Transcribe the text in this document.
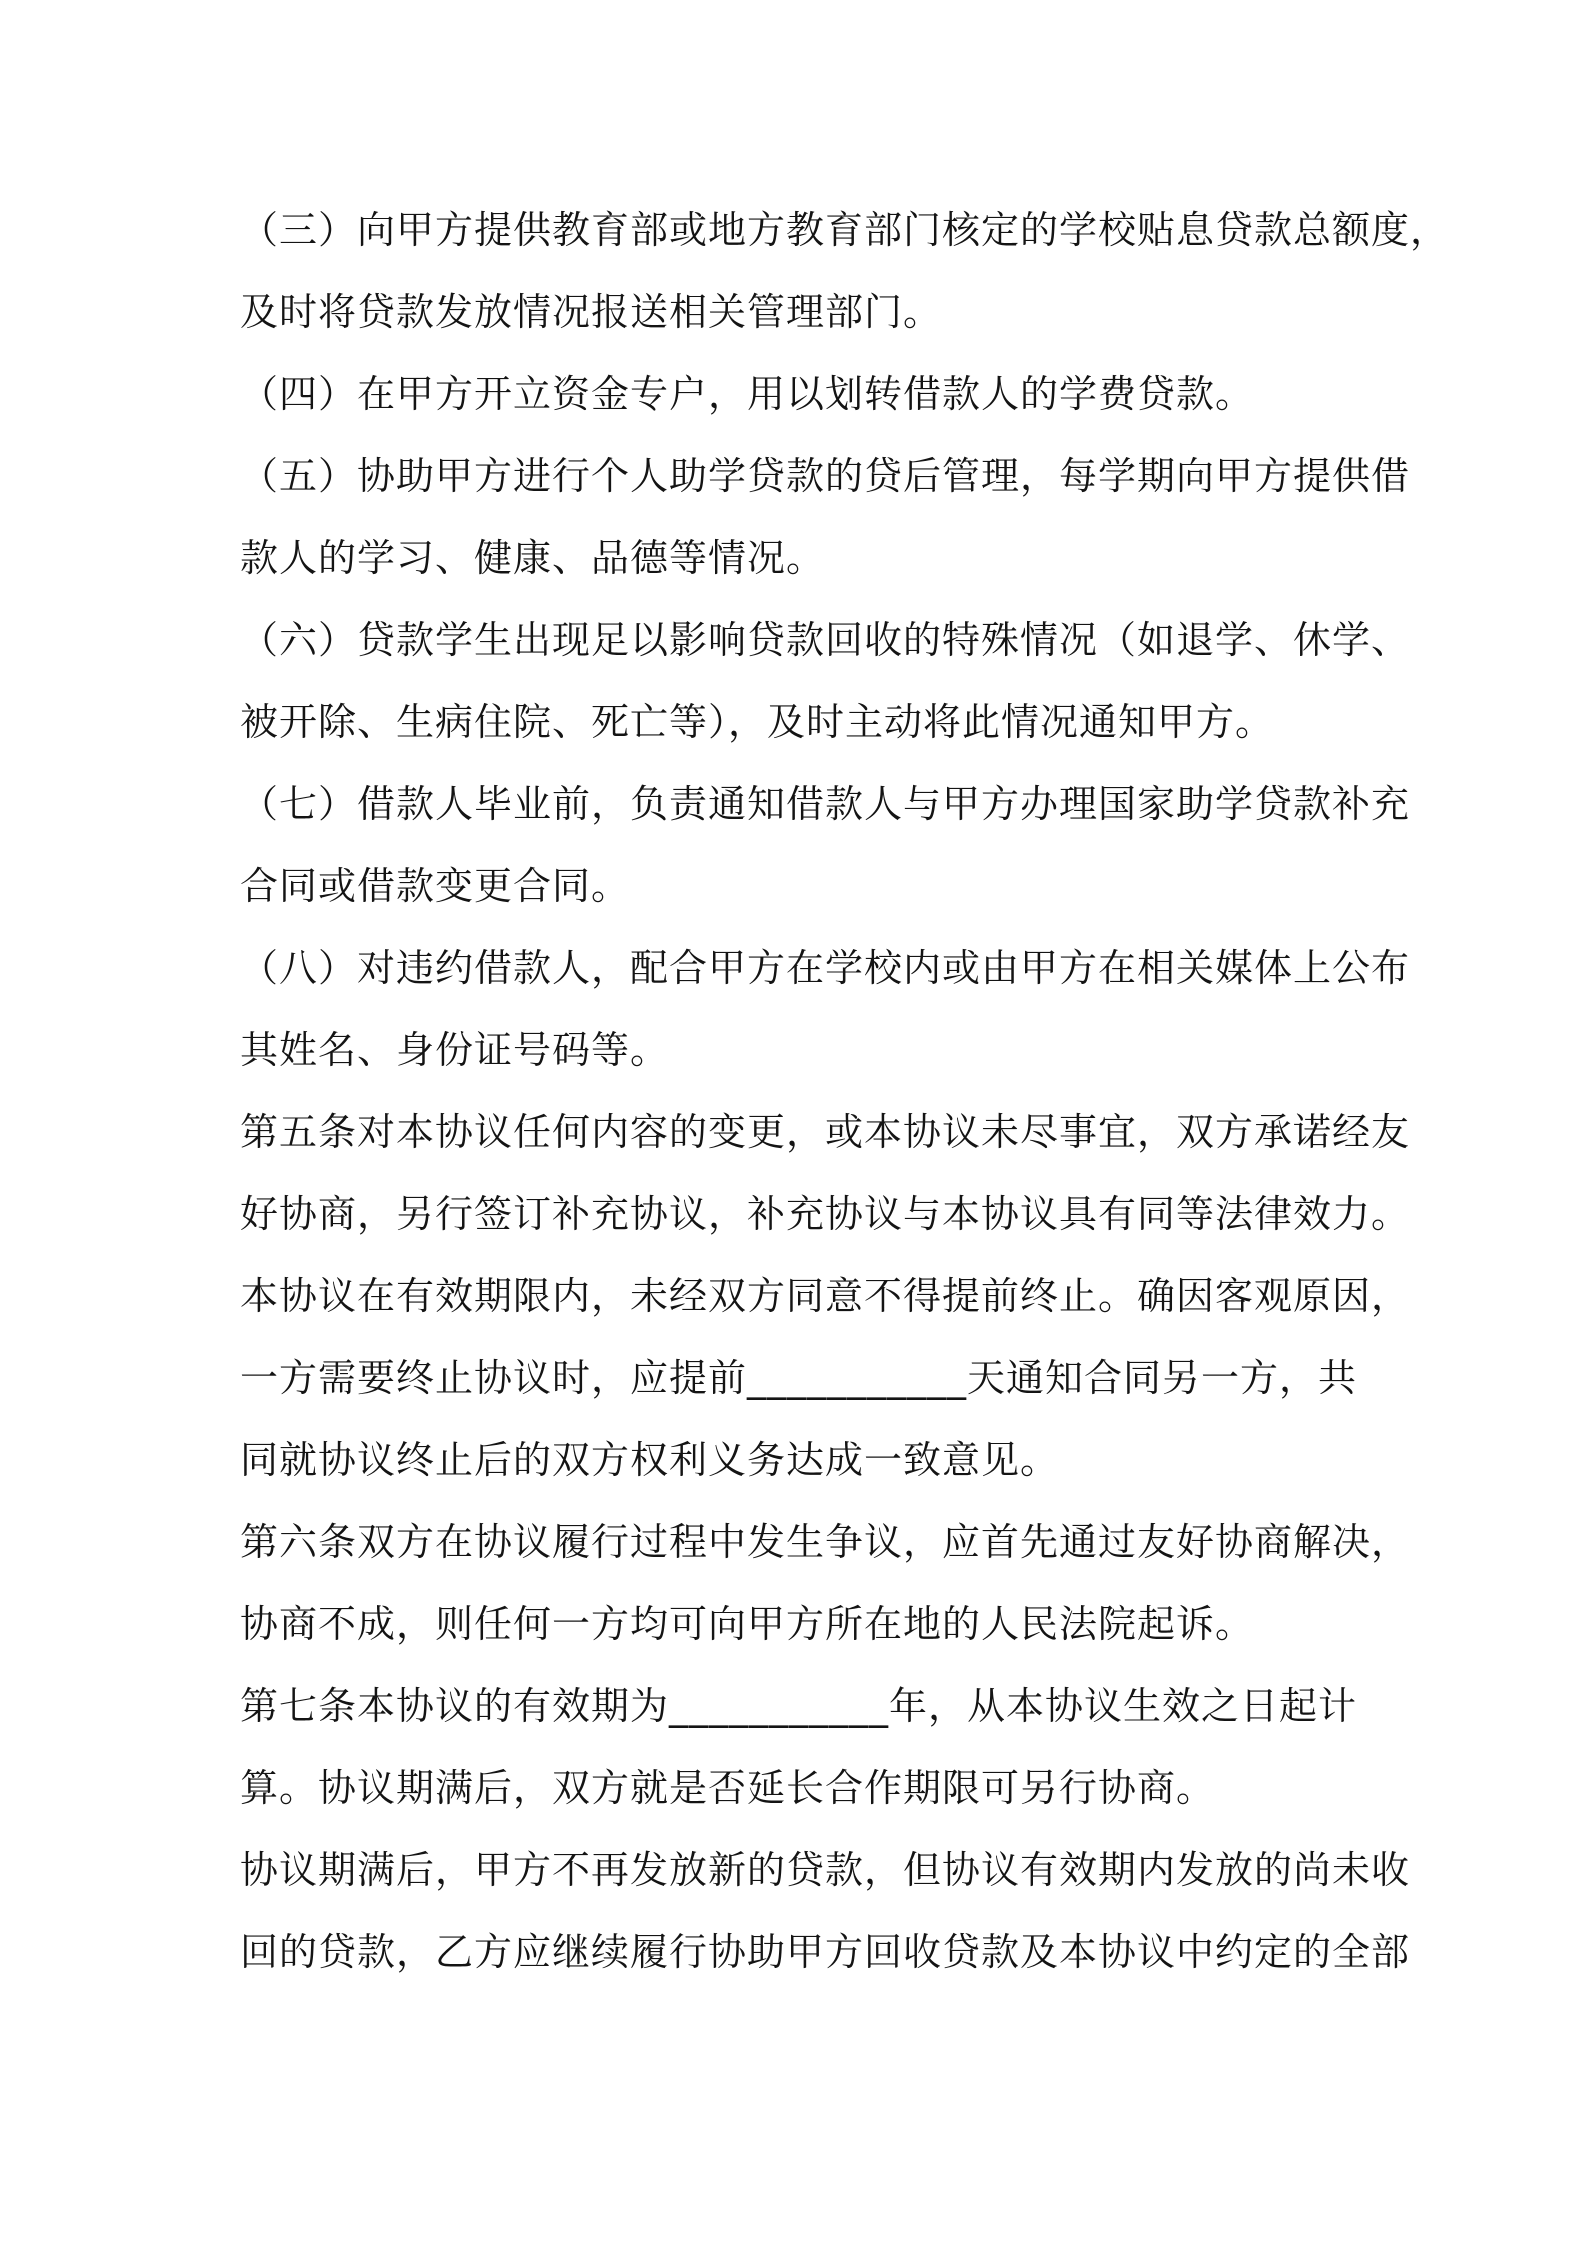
（三）向甲方提供教育部或地方教育部门核定的学校贴息贷款总额度，
及时将贷款发放情况报送相关管理部门。
（四）在甲方开立资金专户，用以划转借款人的学费贷款。
（五）协助甲方进行个人助学贷款的贷后管理，每学期向甲方提供借
款人的学习、健康、品德等情况。
（六）贷款学生出现足以影响贷款回收的特殊情况（如退学、休学、
被开除、生病住院、死亡等），及时主动将此情况通知甲方。
（七）借款人毕业前，负责通知借款人与甲方办理国家助学贷款补充
合同或借款变更合同。
（八）对违约借款人，配合甲方在学校内或由甲方在相关媒体上公布
其姓名、身份证号码等。
第五条对本协议任何内容的变更，或本协议未尽事宜，双方承诺经友
好协商，另行签订补充协议，补充协议与本协议具有同等法律效力。
本协议在有效期限内，未经双方同意不得提前终止。确因客观原因，
一方需要终止协议时，应提前___________天通知合同另一方，共
同就协议终止后的双方权利义务达成一致意见。
第六条双方在协议履行过程中发生争议，应首先通过友好协商解决，
协商不成，则任何一方均可向甲方所在地的人民法院起诉。
第七条本协议的有效期为___________年，从本协议生效之日起计
算。协议期满后，双方就是否延长合作期限可另行协商。
协议期满后，甲方不再发放新的贷款，但协议有效期内发放的尚未收
回的贷款，乙方应继续履行协助甲方回收贷款及本协议中约定的全部
